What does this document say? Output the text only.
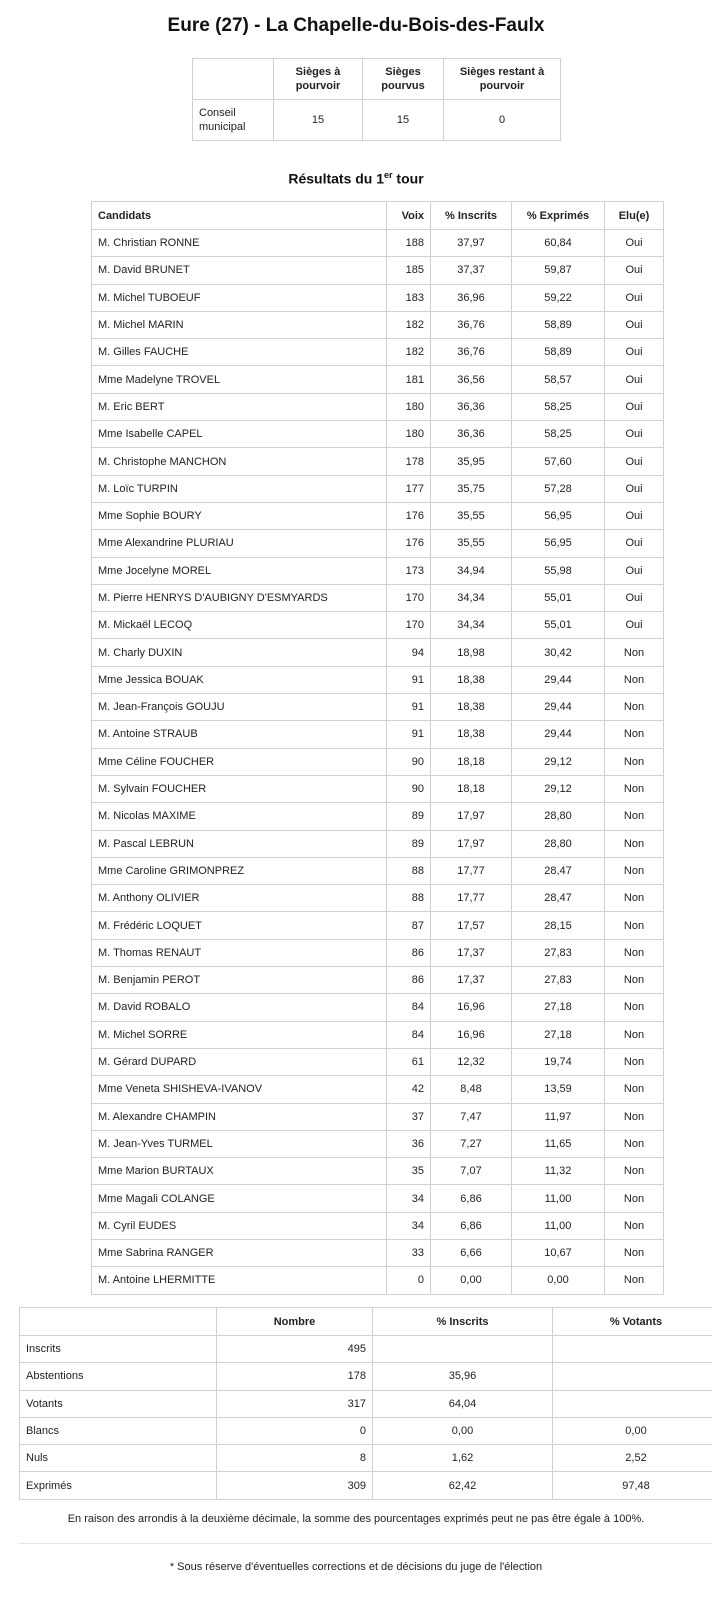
Eure (27) - La Chapelle-du-Bois-des-Faulx
	Sièges à pourvoir	Sièges pourvus	Sièges restant à pourvoir
Conseil municipal	15	15	0
Résultats du 1er tour
Candidats	Voix	% Inscrits	% Exprimés	Elu(e)
M. Christian RONNE	188	37,97	60,84	Oui
M. David BRUNET	185	37,37	59,87	Oui
M. Michel TUBOEUF	183	36,96	59,22	Oui
M. Michel MARIN	182	36,76	58,89	Oui
M. Gilles FAUCHE	182	36,76	58,89	Oui
Mme Madelyne TROVEL	181	36,56	58,57	Oui
M. Eric BERT	180	36,36	58,25	Oui
Mme Isabelle CAPEL	180	36,36	58,25	Oui
M. Christophe MANCHON	178	35,95	57,60	Oui
M. Loïc TURPIN	177	35,75	57,28	Oui
Mme Sophie BOURY	176	35,55	56,95	Oui
Mme Alexandrine PLURIAU	176	35,55	56,95	Oui
Mme Jocelyne MOREL	173	34,94	55,98	Oui
M. Pierre HENRYS D'AUBIGNY D'ESMYARDS	170	34,34	55,01	Oui
M. Mickaël LECOQ	170	34,34	55,01	Oui
M. Charly DUXIN	94	18,98	30,42	Non
Mme Jessica BOUAK	91	18,38	29,44	Non
M. Jean-François GOUJU	91	18,38	29,44	Non
M. Antoine STRAUB	91	18,38	29,44	Non
Mme Céline FOUCHER	90	18,18	29,12	Non
M. Sylvain FOUCHER	90	18,18	29,12	Non
M. Nicolas MAXIME	89	17,97	28,80	Non
M. Pascal LEBRUN	89	17,97	28,80	Non
Mme Caroline GRIMONPREZ	88	17,77	28,47	Non
M. Anthony OLIVIER	88	17,77	28,47	Non
M. Frédéric LOQUET	87	17,57	28,15	Non
M. Thomas RENAUT	86	17,37	27,83	Non
M. Benjamin PEROT	86	17,37	27,83	Non
M. David ROBALO	84	16,96	27,18	Non
M. Michel SORRE	84	16,96	27,18	Non
M. Gérard DUPARD	61	12,32	19,74	Non
Mme Veneta SHISHEVA-IVANOV	42	8,48	13,59	Non
M. Alexandre CHAMPIN	37	7,47	11,97	Non
M. Jean-Yves TURMEL	36	7,27	11,65	Non
Mme Marion BURTAUX	35	7,07	11,32	Non
Mme Magali COLANGE	34	6,86	11,00	Non
M. Cyril EUDES	34	6,86	11,00	Non
Mme Sabrina RANGER	33	6,66	10,67	Non
M. Antoine LHERMITTE	0	0,00	0,00	Non
	Nombre	% Inscrits	% Votants
Inscrits	495		
Abstentions	178	35,96	
Votants	317	64,04	
Blancs	0	0,00	0,00
Nuls	8	1,62	2,52
Exprimés	309	62,42	97,48
En raison des arrondis à la deuxième décimale, la somme des pourcentages exprimés peut ne pas être égale à 100%.
* Sous réserve d'éventuelles corrections et de décisions du juge de l'élection
